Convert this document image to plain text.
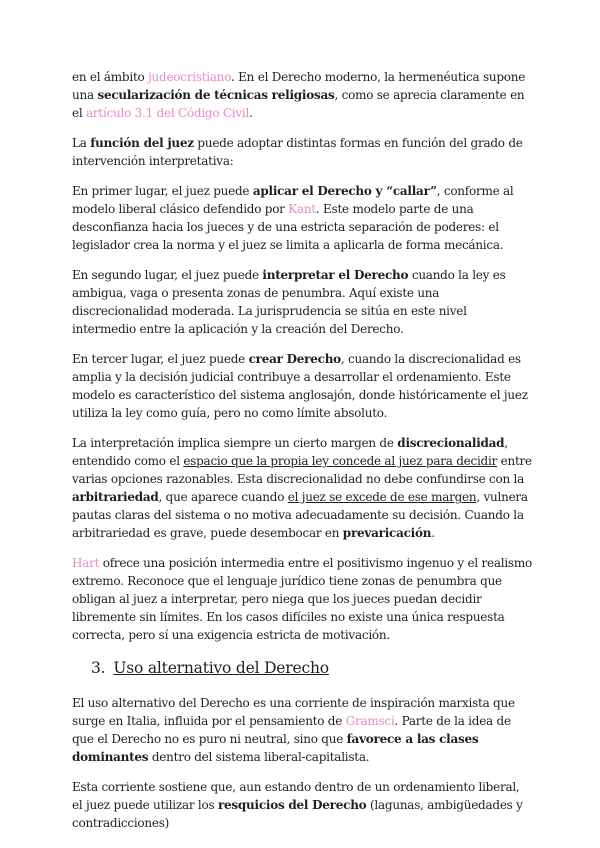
en el ámbito judeocristiano. En el Derecho moderno, la hermenéutica supone una secularización de técnicas religiosas, como se aprecia claramente en el artículo 3.1 del Código Civil.

La función del juez puede adoptar distintas formas en función del grado de intervención interpretativa:

En primer lugar, el juez puede aplicar el Derecho y “callar”, conforme al modelo liberal clásico defendido por Kant. Este modelo parte de una desconfianza hacia los jueces y de una estricta separación de poderes: el legislador crea la norma y el juez se limita a aplicarla de forma mecánica.

En segundo lugar, el juez puede interpretar el Derecho cuando la ley es ambigua, vaga o presenta zonas de penumbra. Aquí existe una discrecionalidad moderada. La jurisprudencia se sitúa en este nivel intermedio entre la aplicación y la creación del Derecho.

En tercer lugar, el juez puede crear Derecho, cuando la discrecionalidad es amplia y la decisión judicial contribuye a desarrollar el ordenamiento. Este modelo es característico del sistema anglosajón, donde históricamente el juez utiliza la ley como guía, pero no como límite absoluto.

La interpretación implica siempre un cierto margen de discrecionalidad, entendido como el espacio que la propia ley concede al juez para decidir entre varias opciones razonables. Esta discrecionalidad no debe confundirse con la arbitrariedad, que aparece cuando el juez se excede de ese margen, vulnera pautas claras del sistema o no motiva adecuadamente su decisión. Cuando la arbitrariedad es grave, puede desembocar en prevaricación.

Hart ofrece una posición intermedia entre el positivismo ingenuo y el realismo extremo. Reconoce que el lenguaje jurídico tiene zonas de penumbra que obligan al juez a interpretar, pero niega que los jueces puedan decidir libremente sin límites. En los casos difíciles no existe una única respuesta correcta, pero sí una exigencia estricta de motivación.

3. Uso alternativo del Derecho

El uso alternativo del Derecho es una corriente de inspiración marxista que surge en Italia, influida por el pensamiento de Gramsci. Parte de la idea de que el Derecho no es puro ni neutral, sino que favorece a las clases dominantes dentro del sistema liberal-capitalista.

Esta corriente sostiene que, aun estando dentro de un ordenamiento liberal, el juez puede utilizar los resquicios del Derecho (lagunas, ambigüedades y contradicciones)
